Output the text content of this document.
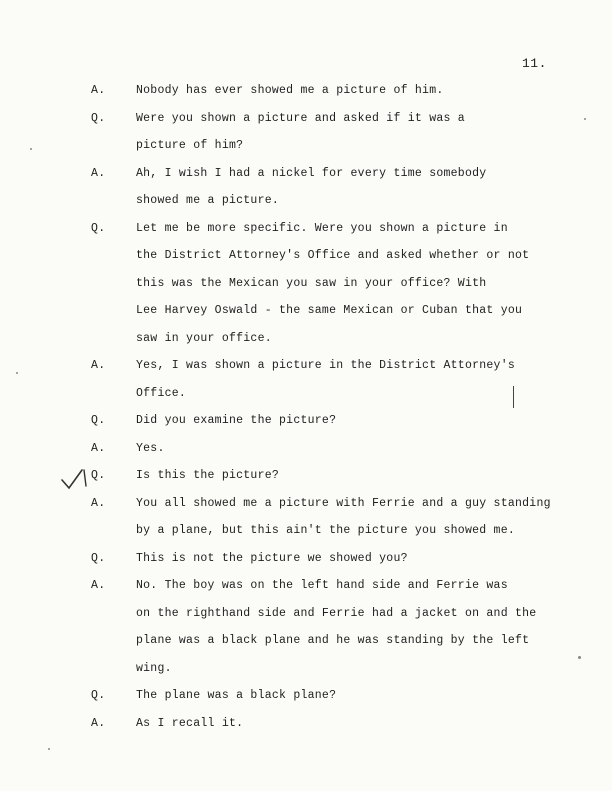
11.
A.	Nobody has ever showed me a picture of him.
Q.	Were you shown a picture and asked if it was a
picture of him?
A.	Ah, I wish I had a nickel for every time somebody
showed me a picture.
Q.	Let me be more specific. Were you shown a picture in
the District Attorney's Office and asked whether or not
this was the Mexican you saw in your office? With
Lee Harvey Oswald - the same Mexican or Cuban that you
saw in your office.
A.	Yes, I was shown a picture in the District Attorney's
Office.
Q.	Did you examine the picture?
A.	Yes.
Q.	Is this the picture?
A.	You all showed me a picture with Ferrie and a guy standing
by a plane, but this ain't the picture you showed me.
Q.	This is not the picture we showed you?
A.	No. The boy was on the left hand side and Ferrie was
on the righthand side and Ferrie had a jacket on and the
plane was a black plane and he was standing by the left
wing.
Q.	The plane was a black plane?
A.	As I recall it.
